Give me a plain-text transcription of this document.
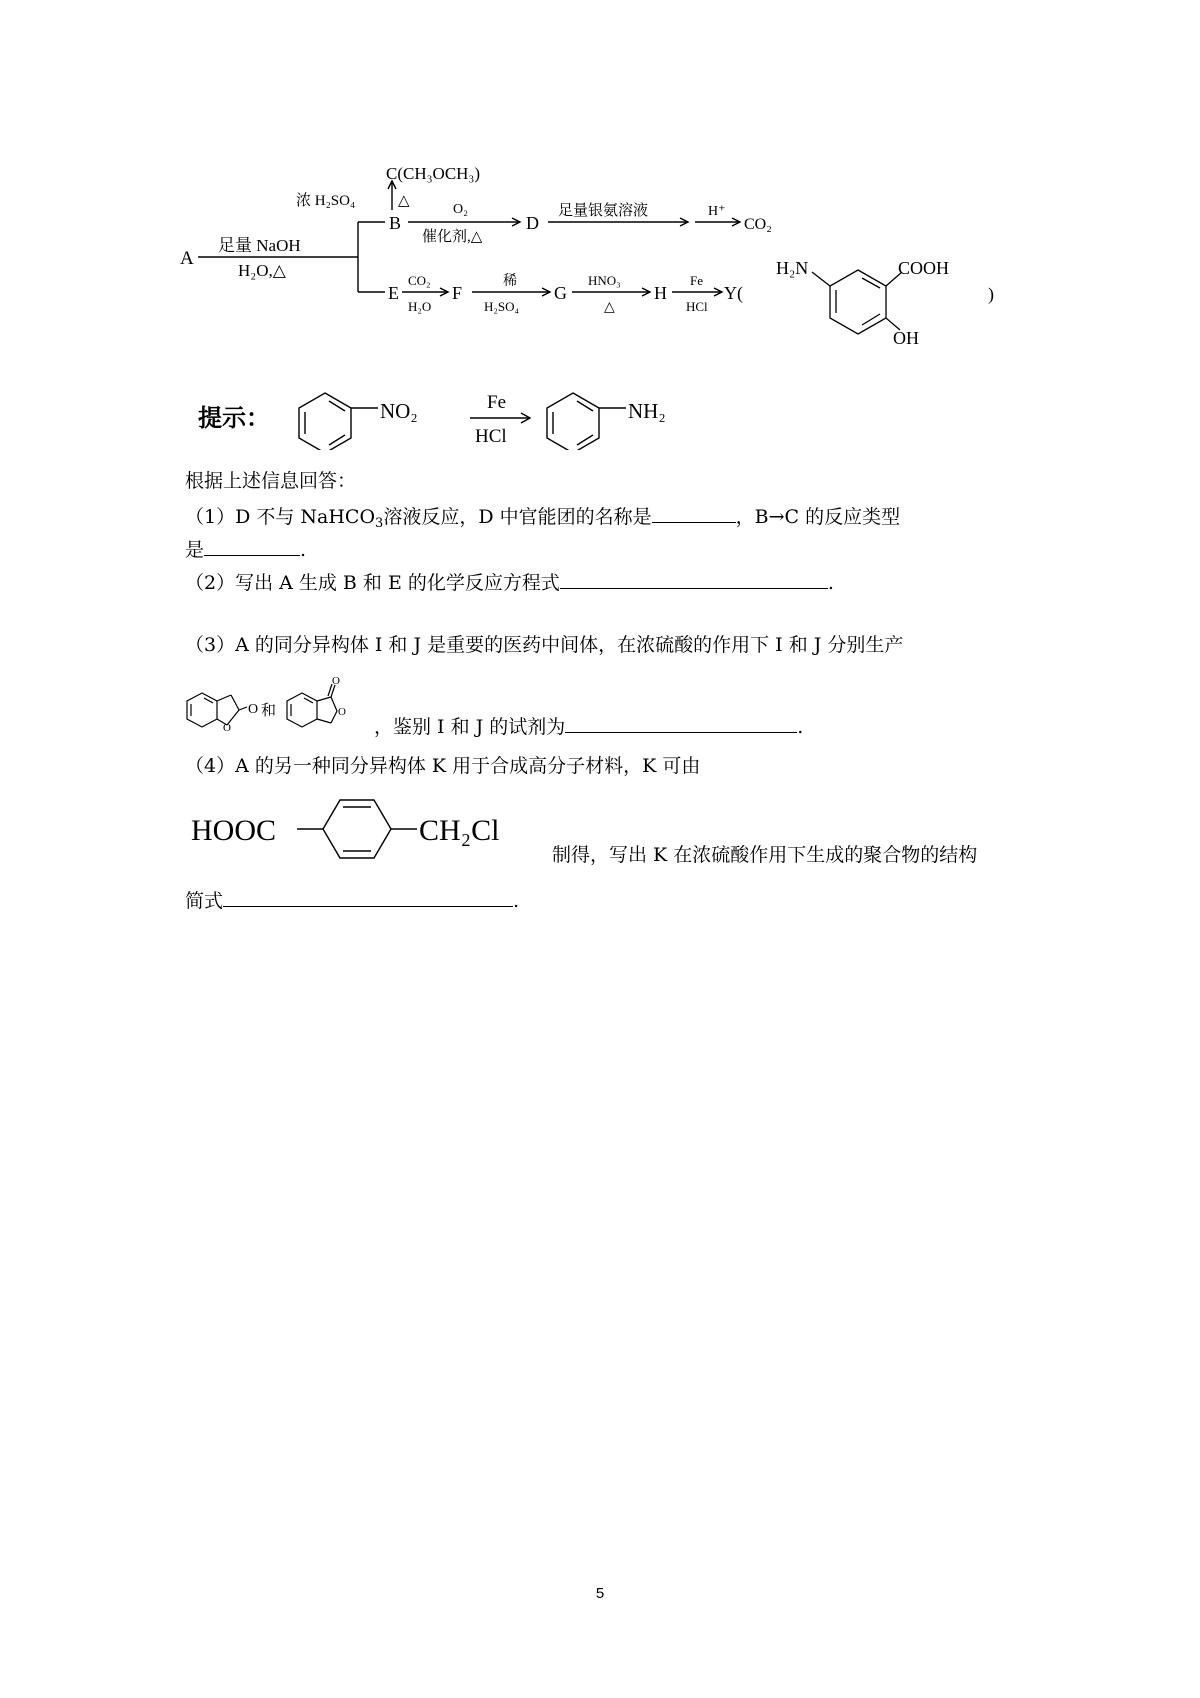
A
足量 NaOH
H₂O,△
C(CH₃OCH₃)
浓 H₂SO₄	△
B
O₂
催化剂,△
D
足量银氨溶液	H⁺
CO₂
E
CO₂
H₂O
F
稀
H₂SO₄
G
HNO₃
△
H
Fe
HCl
Y(
H₂N	COOH
OH
)
提示：	NO₂	Fe
HCl
NH₂
根据上述信息回答：
（1）D 不与 NaHCO$_3$溶液反应，D 中官能团的名称是	，B→C 的反应类型
是	.
（2）写出 A 生成 B 和 E 的化学反应方程式	.
（3）A 的同分异构体 I 和 J 是重要的医药中间体，在浓硫酸的作用下 I 和 J 分别生产
O
O 和
O
O
，鉴别 I 和 J 的试剂为	.
（4）A 的另一种同分异构体 K 用于合成高分子材料，K 可由
HOOC	CH₂Cl
制得，写出 K 在浓硫酸作用下生成的聚合物的结构
简式	.
5
